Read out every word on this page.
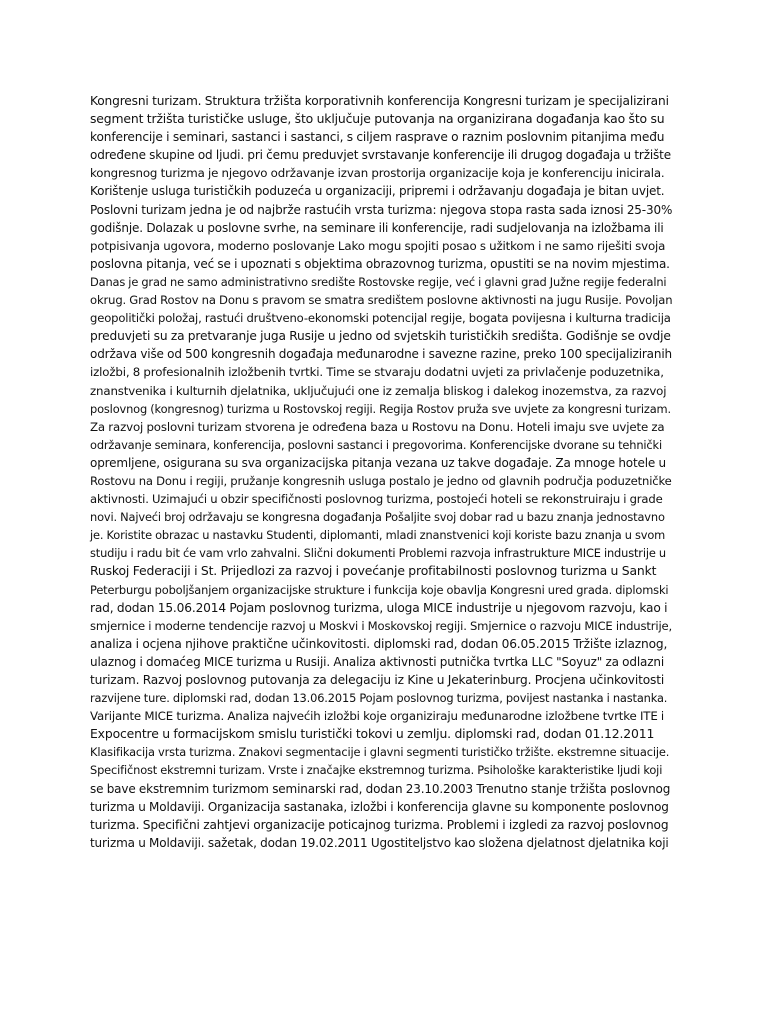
Kongresni turizam. Struktura tržišta korporativnih konferencija Kongresni turizam je specijalizirani
segment tržišta turističke usluge, što uključuje putovanja na organizirana događanja kao što su
konferencije i seminari, sastanci i sastanci, s ciljem rasprave o raznim poslovnim pitanjima među
određene skupine od ljudi. pri čemu preduvjet svrstavanje konferencije ili drugog događaja u tržište
kongresnog turizma je njegovo održavanje izvan prostorija organizacije koja je konferenciju inicirala.
Korištenje usluga turističkih poduzeća u organizaciji, pripremi i održavanju događaja je bitan uvjet.
Poslovni turizam jedna je od najbrže rastućih vrsta turizma: njegova stopa rasta sada iznosi 25-30%
godišnje. Dolazak u poslovne svrhe, na seminare ili konferencije, radi sudjelovanja na izložbama ili
potpisivanja ugovora, moderno poslovanje Lako mogu spojiti posao s užitkom i ne samo riješiti svoja
poslovna pitanja, već se i upoznati s objektima obrazovnog turizma, opustiti se na novim mjestima.
Danas je grad ne samo administrativno središte Rostovske regije, već i glavni grad Južne regije federalni
okrug. Grad Rostov na Donu s pravom se smatra središtem poslovne aktivnosti na jugu Rusije. Povoljan
geopolitički položaj, rastući društveno-ekonomski potencijal regije, bogata povijesna i kulturna tradicija
preduvjeti su za pretvaranje juga Rusije u jedno od svjetskih turističkih središta. Godišnje se ovdje
održava više od 500 kongresnih događaja međunarodne i savezne razine, preko 100 specijaliziranih
izložbi, 8 profesionalnih izložbenih tvrtki. Time se stvaraju dodatni uvjeti za privlačenje poduzetnika,
znanstvenika i kulturnih djelatnika, uključujući one iz zemalja bliskog i dalekog inozemstva, za razvoj
poslovnog (kongresnog) turizma u Rostovskoj regiji. Regija Rostov pruža sve uvjete za kongresni turizam.
Za razvoj poslovni turizam stvorena je određena baza u Rostovu na Donu. Hoteli imaju sve uvjete za
održavanje seminara, konferencija, poslovni sastanci i pregovorima. Konferencijske dvorane su tehnički
opremljene, osigurana su sva organizacijska pitanja vezana uz takve događaje. Za mnoge hotele u
Rostovu na Donu i regiji, pružanje kongresnih usluga postalo je jedno od glavnih područja poduzetničke
aktivnosti. Uzimajući u obzir specifičnosti poslovnog turizma, postojeći hoteli se rekonstruiraju i grade
novi. Najveći broj održavaju se kongresna događanja Pošaljite svoj dobar rad u bazu znanja jednostavno
je. Koristite obrazac u nastavku Studenti, diplomanti, mladi znanstvenici koji koriste bazu znanja u svom
studiju i radu bit će vam vrlo zahvalni. Slični dokumenti Problemi razvoja infrastrukture MICE industrije u
Ruskoj Federaciji i St. Prijedlozi za razvoj i povećanje profitabilnosti poslovnog turizma u Sankt
Peterburgu poboljšanjem organizacijske strukture i funkcija koje obavlja Kongresni ured grada. diplomski
rad, dodan 15.06.2014 Pojam poslovnog turizma, uloga MICE industrije u njegovom razvoju, kao i
smjernice i moderne tendencije razvoj u Moskvi i Moskovskoj regiji. Smjernice o razvoju MICE industrije,
analiza i ocjena njihove praktične učinkovitosti. diplomski rad, dodan 06.05.2015 Tržište izlaznog,
ulaznog i domaćeg MICE turizma u Rusiji. Analiza aktivnosti putnička tvrtka LLC "Soyuz" za odlazni
turizam. Razvoj poslovnog putovanja za delegaciju iz Kine u Jekaterinburg. Procjena učinkovitosti
razvijene ture. diplomski rad, dodan 13.06.2015 Pojam poslovnog turizma, povijest nastanka i nastanka.
Varijante MICE turizma. Analiza najvećih izložbi koje organiziraju međunarodne izložbene tvrtke ITE i
Expocentre u formacijskom smislu turistički tokovi u zemlju. diplomski rad, dodan 01.12.2011
Klasifikacija vrsta turizma. Znakovi segmentacije i glavni segmenti turističko tržište. ekstremne situacije.
Specifičnost ekstremni turizam. Vrste i značajke ekstremnog turizma. Psihološke karakteristike ljudi koji
se bave ekstremnim turizmom seminarski rad, dodan 23.10.2003 Trenutno stanje tržišta poslovnog
turizma u Moldaviji. Organizacija sastanaka, izložbi i konferencija glavne su komponente poslovnog
turizma. Specifični zahtjevi organizacije poticajnog turizma. Problemi i izgledi za razvoj poslovnog
turizma u Moldaviji. sažetak, dodan 19.02.2011 Ugostiteljstvo kao složena djelatnost djelatnika koji
